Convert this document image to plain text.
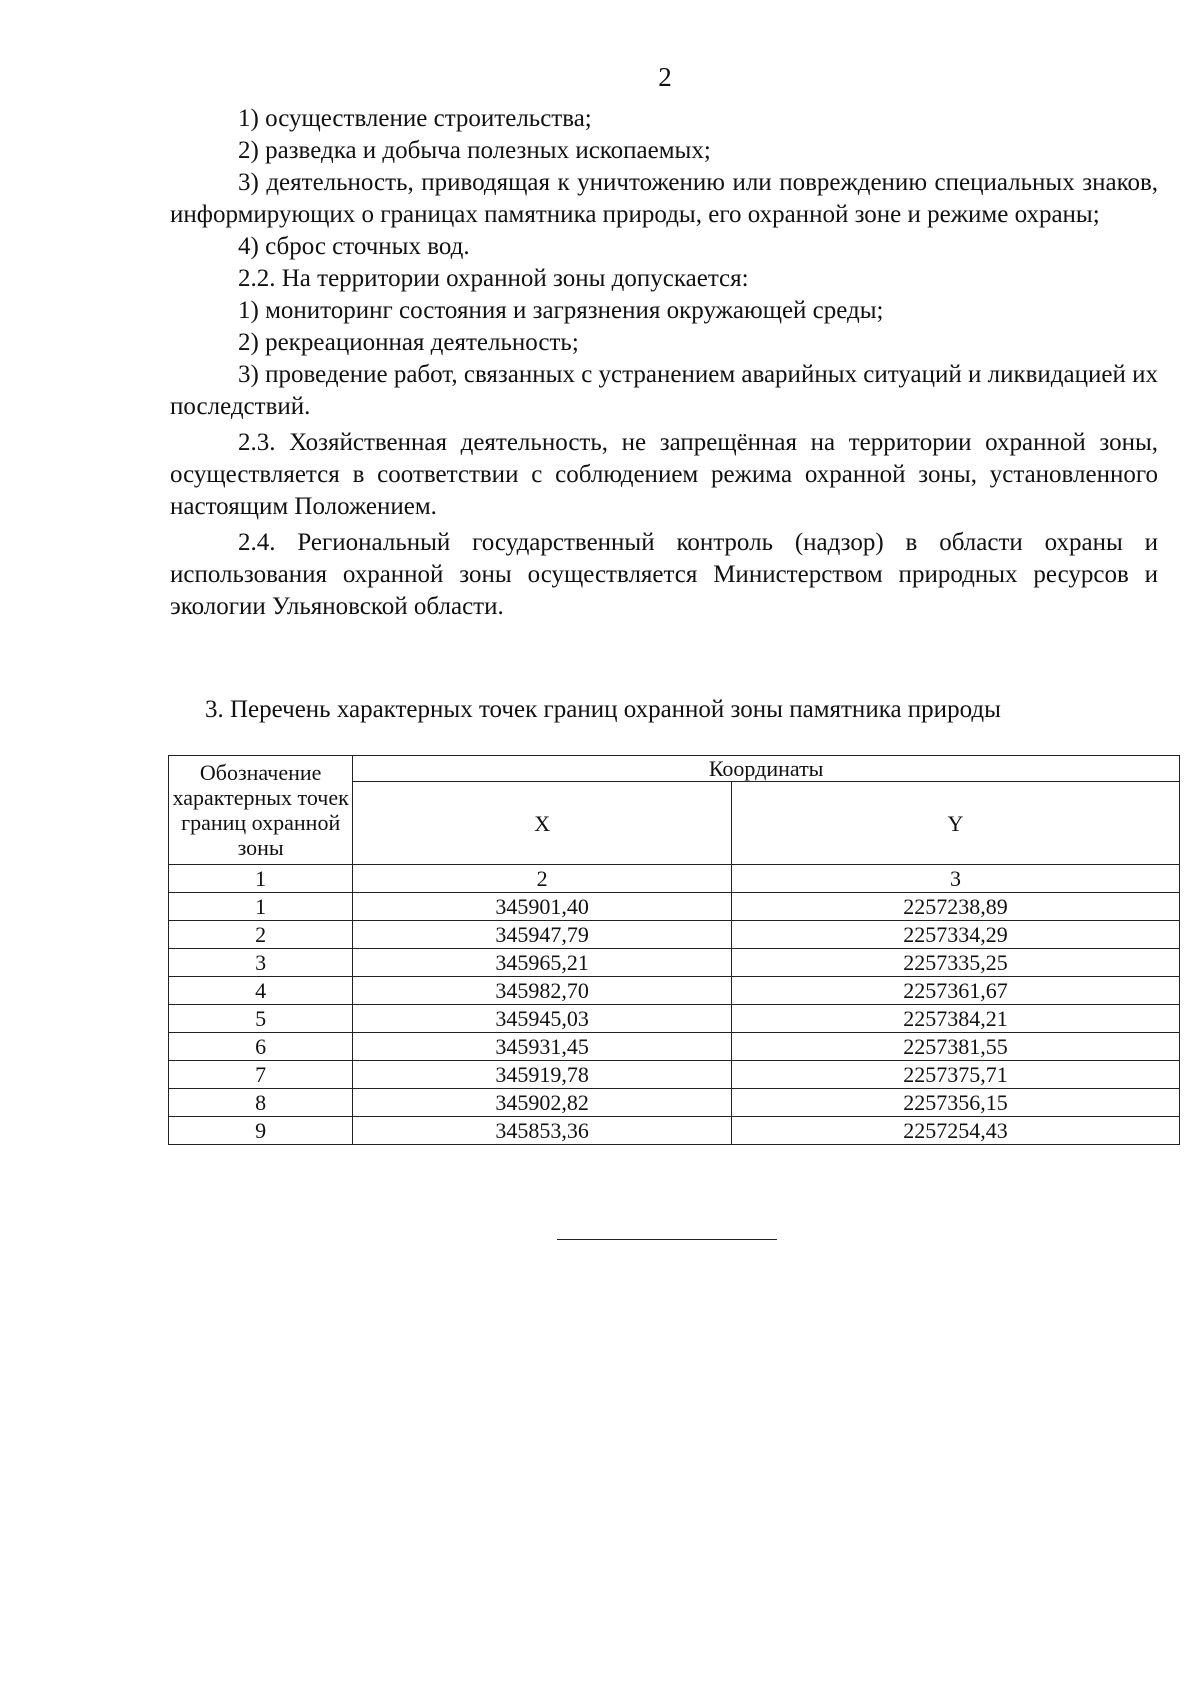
2

1) осуществление строительства;

2) разведка и добыча полезных ископаемых;

3) деятельность, приводящая к уничтожению или повреждению специальных знаков, информирующих о границах памятника природы, его охранной зоне и режиме охраны;

4) сброс сточных вод.

2.2. На территории охранной зоны допускается:

1) мониторинг состояния и загрязнения окружающей среды;

2) рекреационная деятельность;

3) проведение работ, связанных с устранением аварийных ситуаций и ликвидацией их последствий.

2.3. Хозяйственная деятельность, не запрещённая на территории охранной зоны, осуществляется в соответствии с соблюдением режима охранной зоны, установленного настоящим Положением.

2.4. Региональный государственный контроль (надзор) в области охраны и использования охранной зоны осуществляется Министерством природных ресурсов и экологии Ульяновской области.

3. Перечень характерных точек границ охранной зоны памятника природы
Обозначение характерных точек границ охранной зоны	Координаты	
	X	Y
1	2	3
1	345901,40	2257238,89
2	345947,79	2257334,29
3	345965,21	2257335,25
4	345982,70	2257361,67
5	345945,03	2257384,21
6	345931,45	2257381,55
7	345919,78	2257375,71
8	345902,82	2257356,15
9	345853,36	2257254,43
